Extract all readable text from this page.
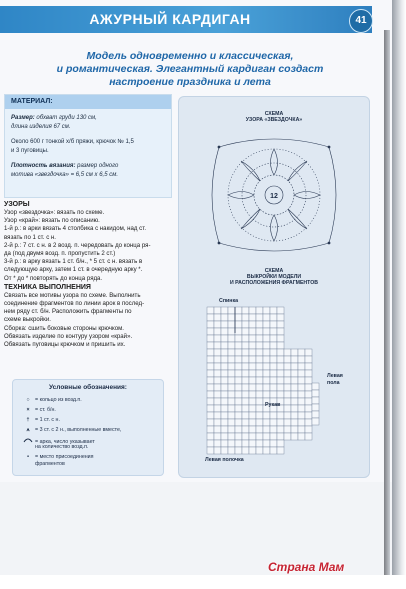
АЖУРНЫЙ КАРДИГАН	41
Модель одновременно и классическая,
и романтическая. Элегантный кардиган создаст
настроение праздника и лета
МАТЕРИАЛ:
Размер: обхват груди 130 см,
длина изделия 67 см.
Около 600 г тонкой х/б пряжи, крючок № 1,5
и 3 пуговицы.
Плотность вязания: размер одного
мотива «звездочка» = 6,5 см х 6,5 см.
УЗОРЫ
Узор «звездочка»: вязать по схеме.
Узор «край»: вязать по описанию.
1-й р.: в арки вязать 4 столбика с накидом, над ст.
вязать по 1 ст. с н.
2-й р.: 7 ст. с н. в 2 возд. п. чередовать до конца ря-
да (под двумя возд. п. пропустить 2 ст.)
3-й р.: в арку вязать 1 ст. б/н., * 5 ст. с н. вязать в
следующую арку, затем 1 ст. в очередную арку *.
От * до * повторять до конца ряда.
ТЕХНИКА ВЫПОЛНЕНИЯ
Связать все мотивы узора по схеме. Выполнить
соединение фрагментов по линии арок в послед-
нем ряду ст. б/н. Расположить фрагменты по
схеме выкройки.
Сборка: сшить боковые стороны крючком.
Обвязать изделие по контуру узором «край».
Обвязать пуговицы крючком и пришить их.
Условные обозначения:
○ = кольцо из возд.п.
× = ст. б/н.
† = 1 ст. с н.
⩚ = 3 ст. с 2 н., выполненные вместе,
= арка, число указывает
на количество возд.п.
• = место присоединения
фрагментов
СХЕМА
УЗОРА «ЗВЕЗДОЧКА»
12
СХЕМА
ВЫКРОЙКИ МОДЕЛИ
И РАСПОЛОЖЕНИЯ ФРАГМЕНТОВ
Спинка
Левая
пола
Рукав
Левая полочка
Страна Мам
